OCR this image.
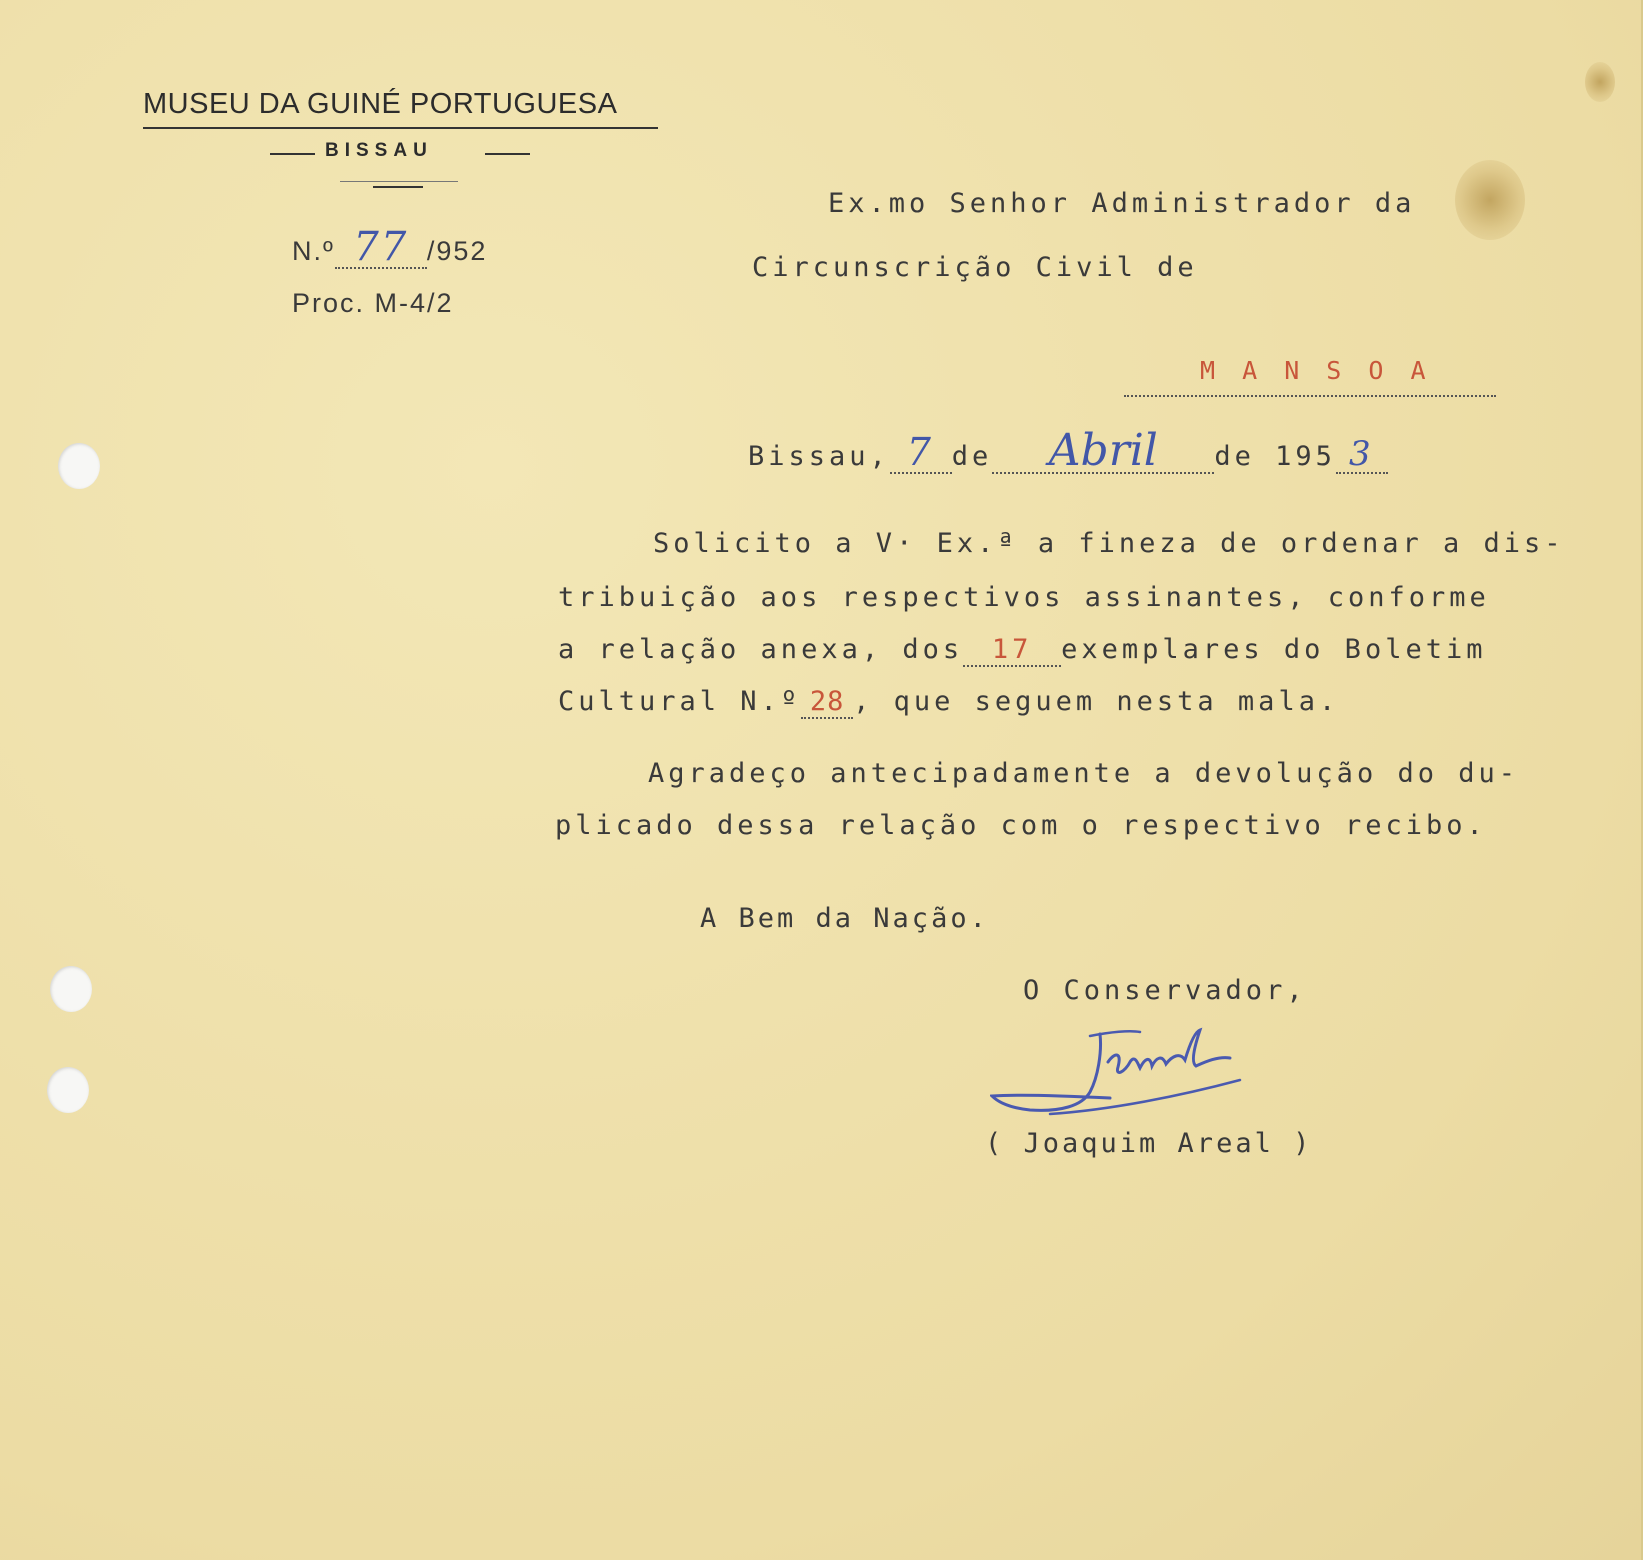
MUSEU DA GUINÉ PORTUGUESA
BISSAU
N.º 77 /952
Proc. M-4/2
Ex.mo Senhor Administrador da
Circunscrição Civil de
M A N S O A
Bissau, 7 de Abril de 195 3
Solicito a V· Ex.ª a fineza de ordenar a dis-
tribuição aos respectivos assinantes, conforme
a relação anexa, dos 17 exemplares do Boletim
Cultural N.º 28 , que seguem nesta mala.
Agradeço antecipadamente a devolução do du-
plicado dessa relação com o respectivo recibo.
A Bem da Nação.
O Conservador,
( Joaquim Areal )
